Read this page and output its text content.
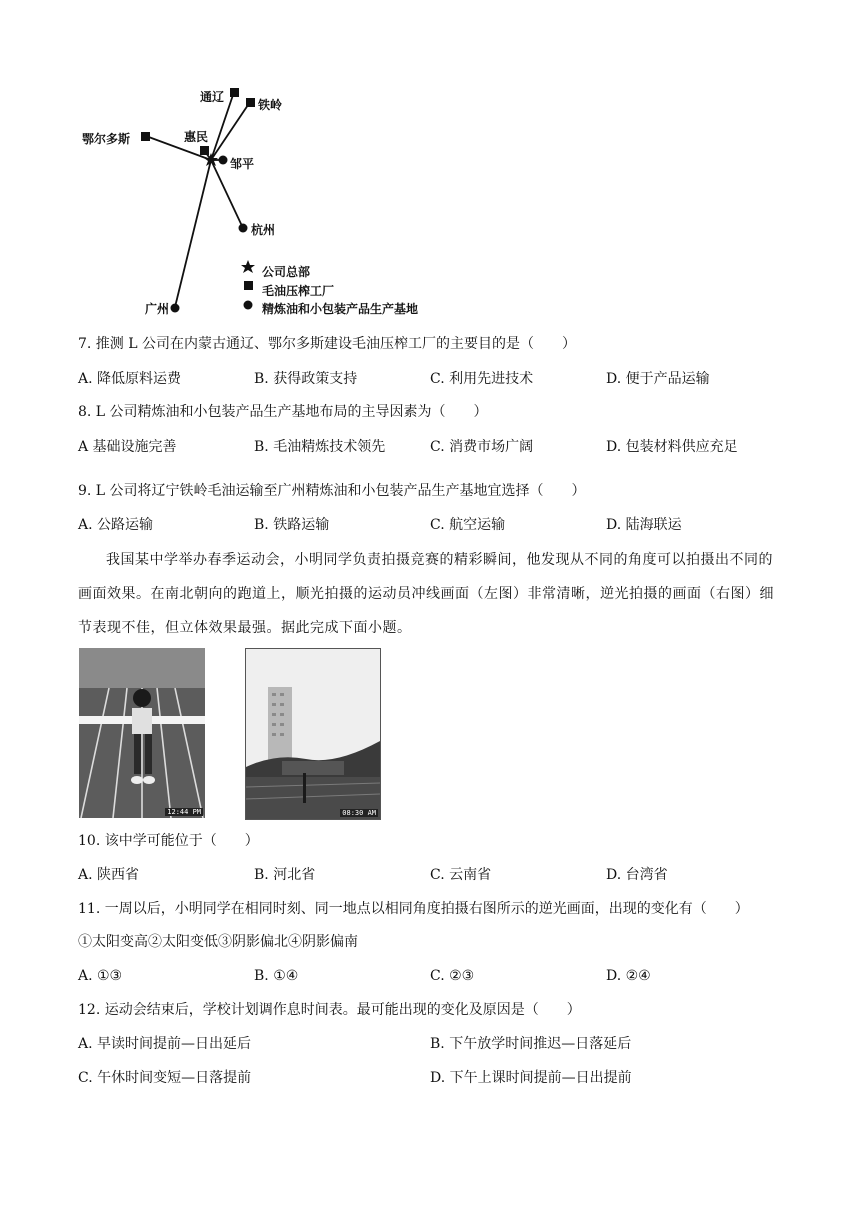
通辽
铁岭
鄂尔多斯	惠民
邹平
杭州
广州
公司总部
毛油压榨工厂
精炼油和小包装产品生产基地
7. 推测 L 公司在内蒙古通辽、鄂尔多斯建设毛油压榨工厂的主要目的是（　　）
A. 降低原料运费	B. 获得政策支持	C. 利用先进技术	D. 便于产品运输
8. L 公司精炼油和小包装产品生产基地布局的主导因素为（　　）
A 基础设施完善	B. 毛油精炼技术领先	C. 消费市场广阔	D. 包装材料供应充足
9. L 公司将辽宁铁岭毛油运输至广州精炼油和小包装产品生产基地宜选择（　　）
A. 公路运输	B. 铁路运输	C. 航空运输	D. 陆海联运
我国某中学举办春季运动会，小明同学负责拍摄竞赛的精彩瞬间，他发现从不同的角度可以拍摄出不同的画面效果。在南北朝向的跑道上，顺光拍摄的运动员冲线画面（左图）非常清晰，逆光拍摄的画面（右图）细节表现不佳，但立体效果最强。据此完成下面小题。
12:44 PM	08:30 AM
10. 该中学可能位于（　　）
A. 陕西省	B. 河北省	C. 云南省	D. 台湾省
11. 一周以后，小明同学在相同时刻、同一地点以相同角度拍摄右图所示的逆光画面，出现的变化有（　　）
①太阳变高②太阳变低③阴影偏北④阴影偏南
A. ①③	B. ①④	C. ②③	D. ②④
12. 运动会结束后，学校计划调作息时间表。最可能出现的变化及原因是（　　）
A. 早读时间提前—日出延后	B. 下午放学时间推迟—日落延后
C. 午休时间变短—日落提前	D. 下午上课时间提前—日出提前
